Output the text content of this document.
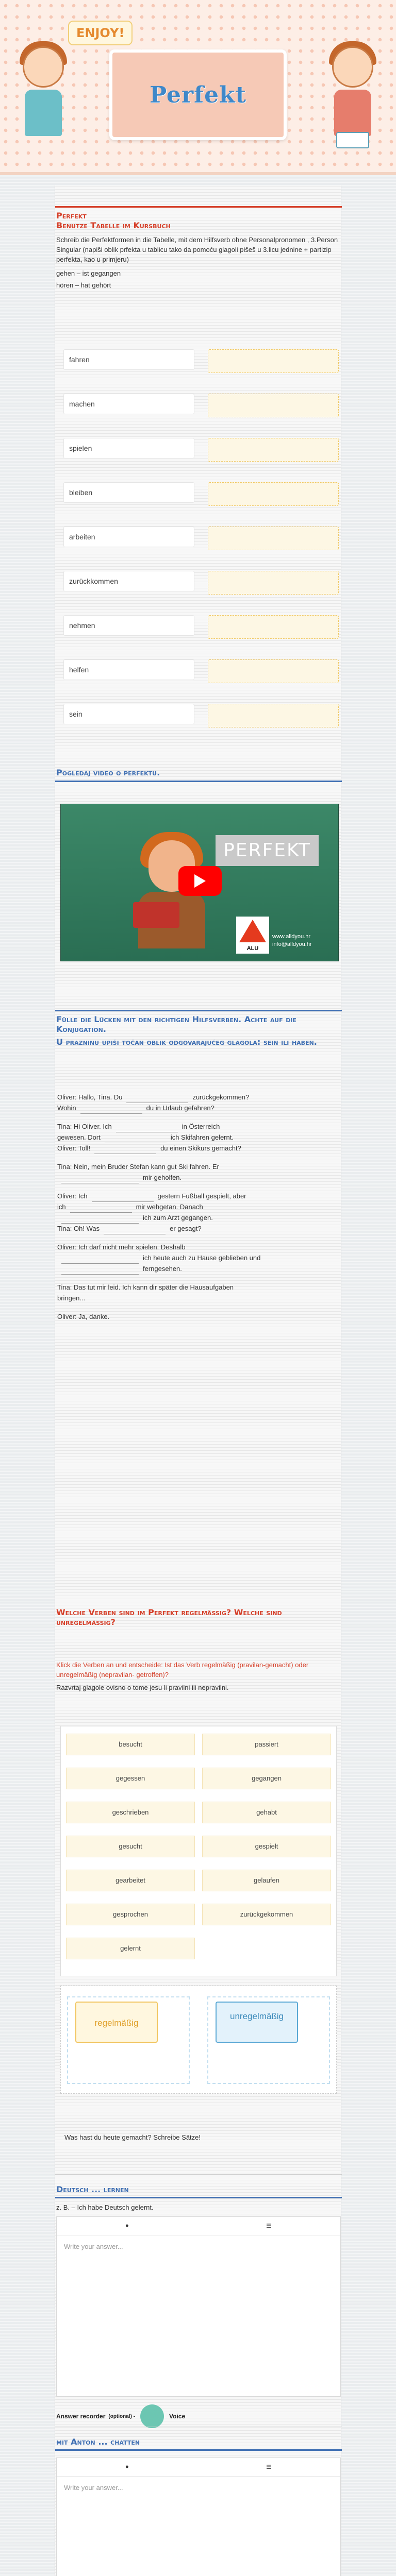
ENJOY!
Perfekt
Perfekt
Benutze Tabelle im Kursbuch
Schreib die Perfektformen in die Tabelle, mit dem Hilfsverb ohne Personalpronomen , 3.Person Singular (napiši oblik prfekta u tablicu tako da pomoću glagoli pišeš u 3.licu jednine + partizip perfekta, kao u primjeru)
gehen – ist gegangen
hören – hat gehört
fahren
machen
spielen
bleiben
arbeiten
zurückkommen
nehmen
helfen
sein
Pogledaj video o perfektu.
PERFEKT
ALU
www.alldyou.hr
info@alldyou.hr
Fülle die Lücken mit den richtigen Hilfsverben. Achte auf die Konjugation.
U prazninu upiši točan oblik odgovarajućeg glagola: sein ili haben.
Oliver: Hallo, Tina. Du	zurückgekommen?
Wohin	du in Urlaub gefahren?
Tina: Hi Oliver. Ich	in Österreich
gewesen. Dort	ich Skifahren gelernt.
Oliver: Toll!	du einen Skikurs gemacht?
Tina: Nein, mein Bruder Stefan kann gut Ski fahren. Er
mir geholfen.
Oliver: Ich	gestern Fußball gespielt, aber
ich	mir wehgetan. Danach
ich zum Arzt gegangen.
Tina: Oh! Was	er gesagt?
Oliver: Ich darf nicht mehr spielen. Deshalb
ich heute auch zu Hause geblieben und
ferngesehen.
Tina: Das tut mir leid. Ich kann dir später die Hausaufgaben
bringen...
Oliver: Ja, danke.
Welche Verben sind im Perfekt regelmässig? Welche sind unregelmässig?
Klick die Verben an und entscheide: Ist das Verb regelmäßig (pravilan-gemacht) oder unregelmäßig (nepravilan- getroffen)?
Razvrtaj glagole ovisno o tome jesu li pravilni ili nepravilni.
besucht	passiert
gegessen	gegangen
geschrieben	gehabt
gesucht	gespielt
gearbeitet	gelaufen
gesprochen	zurückgekommen
gelernt
regelmäßig
unregelmäßig
Was hast du heute gemacht? Schreibe Sätze!
Deutsch ... lernen
z. B. – Ich habe Deutsch gelernt.
•	≡
Write your answer...
Answer recorder (optional) -	Voice
mit Anton ... chatten
•	≡
Write your answer...
